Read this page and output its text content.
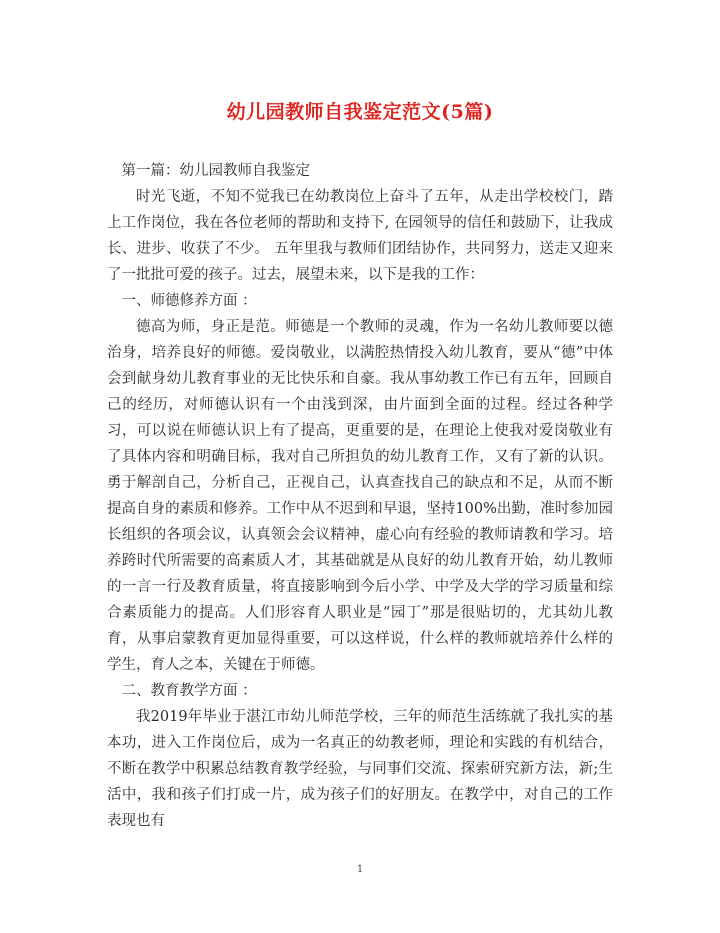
幼儿园教师自我鉴定范文(5篇)

第一篇：幼儿园教师自我鉴定

时光飞逝，不知不觉我已在幼教岗位上奋斗了五年，从走出学校校门，踏上工作岗位，我在各位老师的帮助和支持下, 在园领导的信任和鼓励下，让我成长、进步、收获了不少。 五年里我与教师们团结协作，共同努力，送走又迎来了一批批可爱的孩子。过去，展望未来，以下是我的工作：

一、师德修养方面 ：

德高为师，身正是范。师德是一个教师的灵魂，作为一名幼儿教师要以德治身，培养良好的师德。爱岗敬业，以满腔热情投入幼儿教育，要从“德”中体会到献身幼儿教育事业的无比快乐和自豪。我从事幼教工作已有五年，回顾自己的经历，对师德认识有一个由浅到深，由片面到全面的过程。经过各种学习，可以说在师德认识上有了提高，更重要的是，在理论上使我对爱岗敬业有了具体内容和明确目标，我对自己所担负的幼儿教育工作，又有了新的认识。勇于解剖自己，分析自己，正视自己，认真查找自己的缺点和不足，从而不断提高自身的素质和修养。工作中从不迟到和早退，坚持100%出勤，准时参加园长组织的各项会议，认真领会会议精神，虚心向有经验的教师请教和学习。培养跨时代所需要的高素质人才，其基础就是从良好的幼儿教育开始，幼儿教师的一言一行及教育质量，将直接影响到今后小学、中学及大学的学习质量和综合素质能力的提高。人们形容育人职业是“园丁”那是很贴切的，尤其幼儿教育，从事启蒙教育更加显得重要，可以这样说，什么样的教师就培养什么样的学生，育人之本，关键在于师德。

二、教育教学方面 ：

我2019年毕业于湛江市幼儿师范学校，三年的师范生活练就了我扎实的基本功，进入工作岗位后，成为一名真正的幼教老师，理论和实践的有机结合，不断在教学中积累总结教育教学经验，与同事们交流、探索研究新方法，新;生活中，我和孩子们打成一片，成为孩子们的好朋友。在教学中，对自己的工作表现也有

1
